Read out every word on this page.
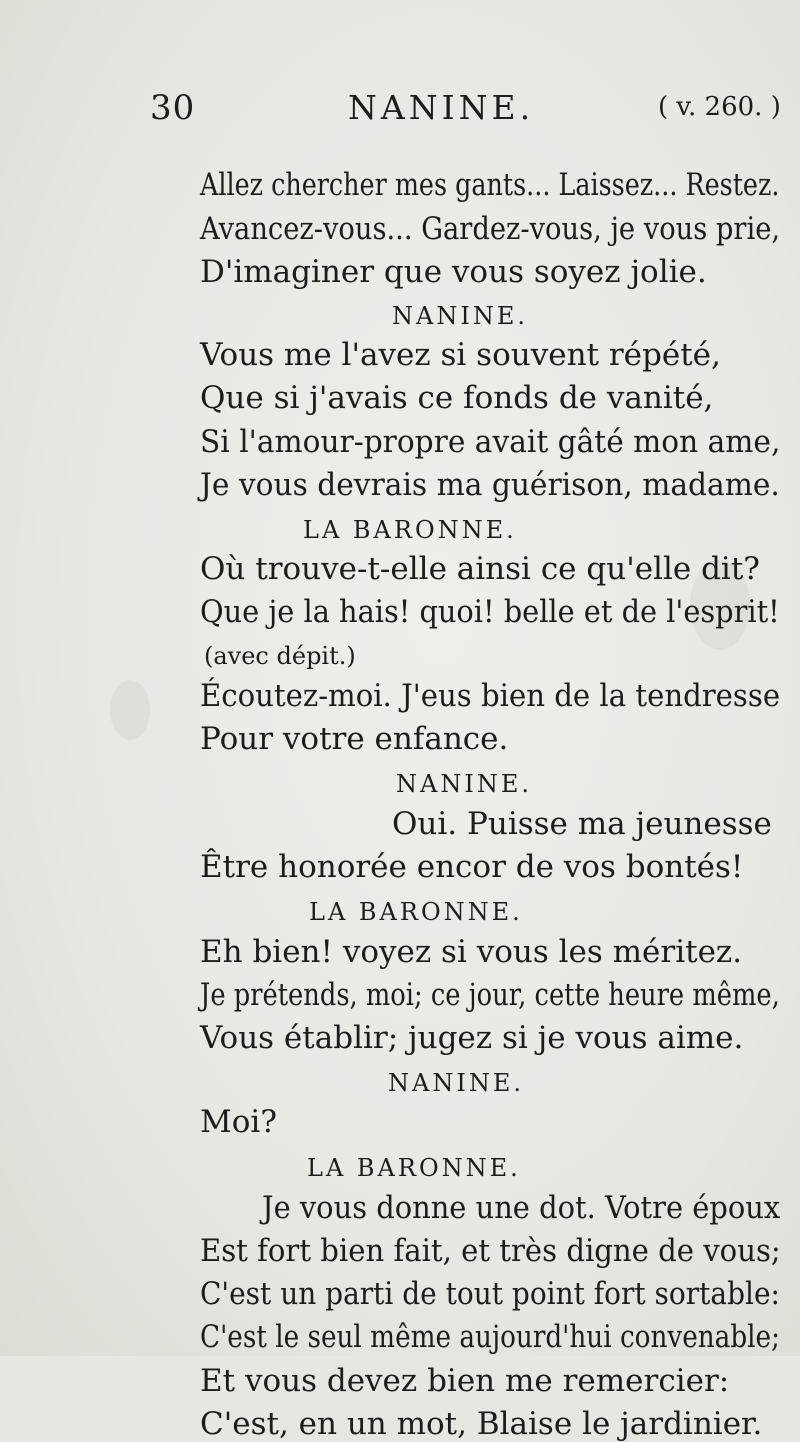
30	NANINE.	( v. 260. )
Allez chercher mes gants... Laissez... Restez.
Avancez-vous... Gardez-vous, je vous prie,
D'imaginer que vous soyez jolie.
NANINE.
Vous me l'avez si souvent répété,
Que si j'avais ce fonds de vanité,
Si l'amour-propre avait gâté mon ame,
Je vous devrais ma guérison, madame.
LA BARONNE.
Où trouve-t-elle ainsi ce qu'elle dit?
Que je la hais! quoi! belle et de l'esprit!
(avec dépit.)
Écoutez-moi. J'eus bien de la tendresse
Pour votre enfance.
NANINE.
Oui. Puisse ma jeunesse
Être honorée encor de vos bontés!
LA BARONNE.
Eh bien! voyez si vous les méritez.
Je prétends, moi; ce jour, cette heure même,
Vous établir; jugez si je vous aime.
NANINE.
Moi?
LA BARONNE.
Je vous donne une dot. Votre époux
Est fort bien fait, et très digne de vous;
C'est un parti de tout point fort sortable:
C'est le seul même aujourd'hui convenable;
Et vous devez bien me remercier:
C'est, en un mot, Blaise le jardinier.
